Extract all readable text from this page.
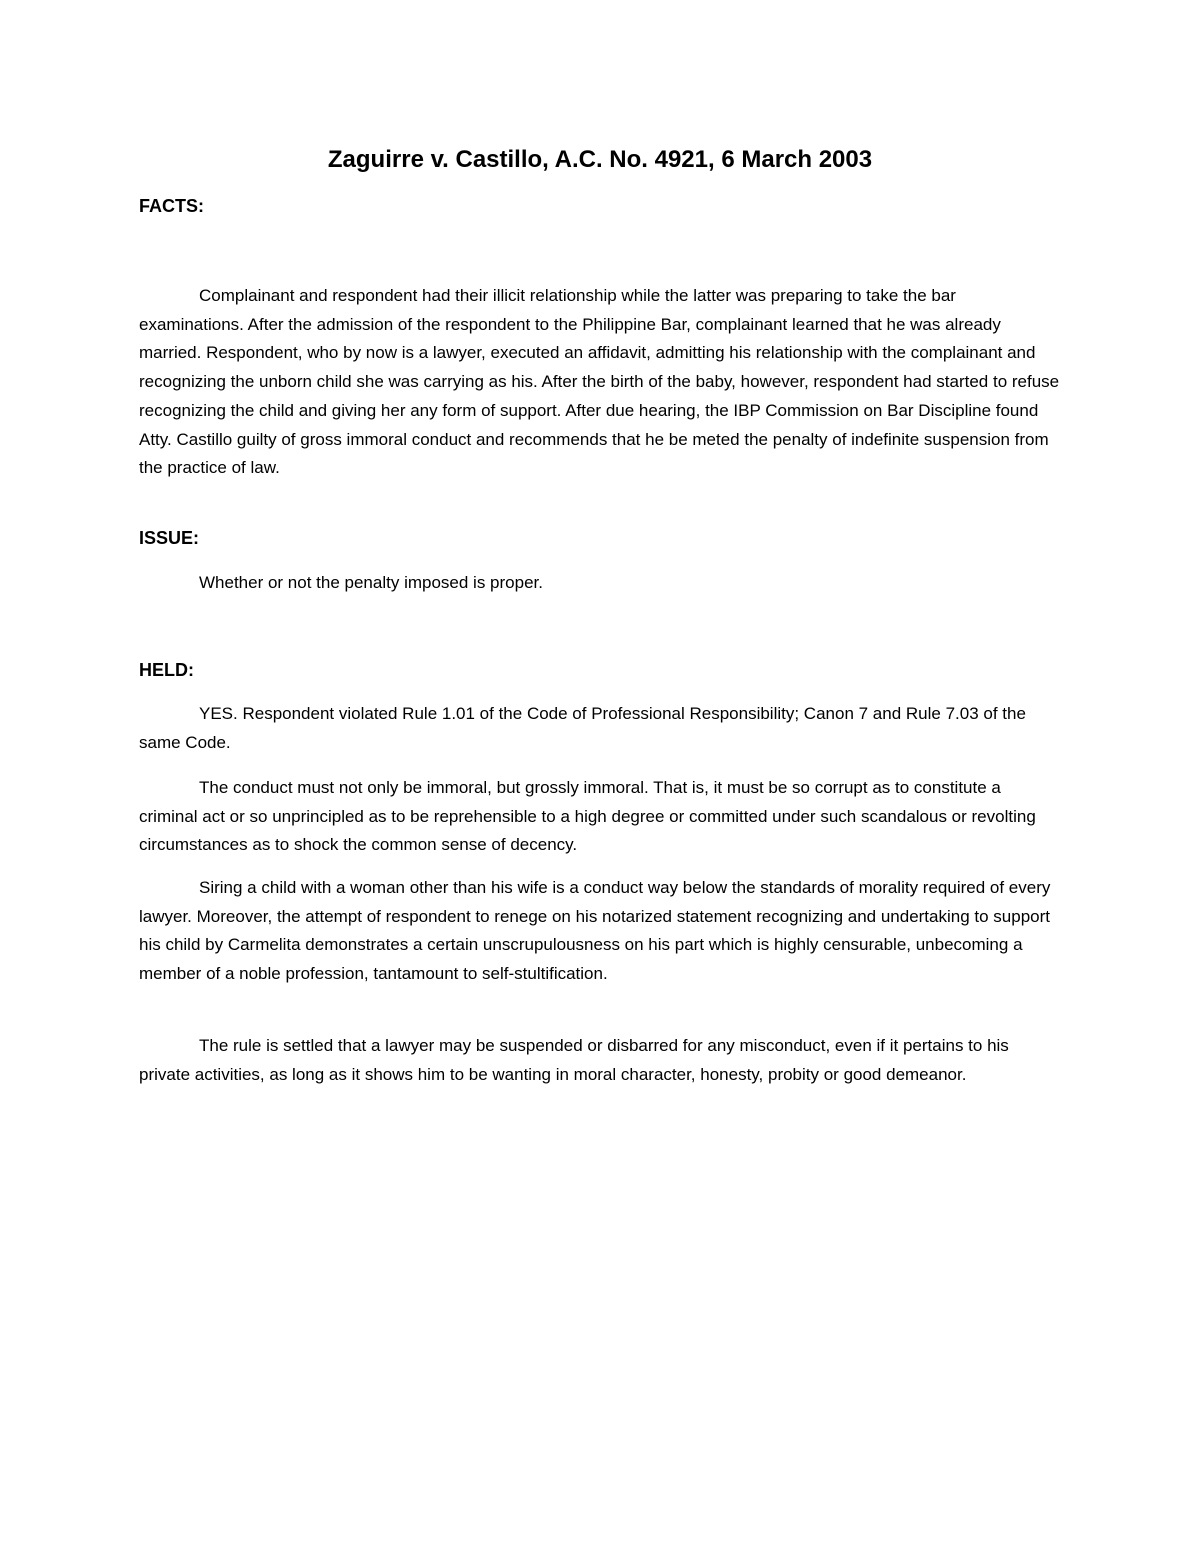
Zaguirre v. Castillo, A.C. No. 4921, 6 March 2003
FACTS:

Complainant and respondent had their illicit relationship while the latter was preparing to take the bar examinations. After the admission of the respondent to the Philippine Bar, complainant learned that he was already married. Respondent, who by now is a lawyer, executed an affidavit, admitting his relationship with the complainant and recognizing the unborn child she was carrying as his. After the birth of the baby, however, respondent had started to refuse recognizing the child and giving her any form of support. After due hearing, the IBP Commission on Bar Discipline found Atty. Castillo guilty of gross immoral conduct and recommends that he be meted the penalty of indefinite suspension from the practice of law.

ISSUE:

Whether or not the penalty imposed is proper.

HELD:

YES. Respondent violated Rule 1.01 of the Code of Professional Responsibility; Canon 7 and Rule 7.03 of the same Code.

The conduct must not only be immoral, but grossly immoral. That is, it must be so corrupt as to constitute a criminal act or so unprincipled as to be reprehensible to a high degree or committed under such scandalous or revolting circumstances as to shock the common sense of decency.

Siring a child with a woman other than his wife is a conduct way below the standards of morality required of every lawyer. Moreover, the attempt of respondent to renege on his notarized statement recognizing and undertaking to support his child by Carmelita demonstrates a certain unscrupulousness on his part which is highly censurable, unbecoming a member of a noble profession, tantamount to self-stultification.

The rule is settled that a lawyer may be suspended or disbarred for any misconduct, even if it pertains to his private activities, as long as it shows him to be wanting in moral character, honesty, probity or good demeanor.
